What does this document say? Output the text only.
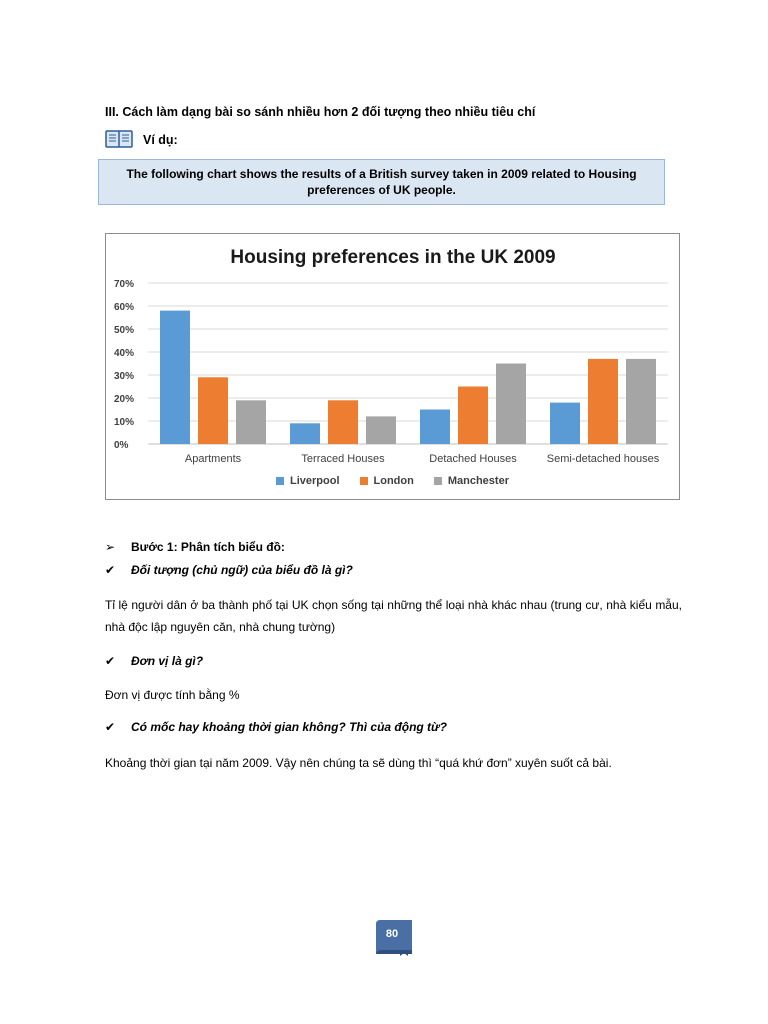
III. Cách làm dạng bài so sánh nhiều hơn 2 đối tượng theo nhiều tiêu chí
Ví dụ:
The following chart shows the results of a British survey taken in 2009 related to Housing preferences of UK people.
Housing preferences in the UK 2009
0%
10%
20%
30%
40%
50%
60%
70%
Apartments	Terraced Houses	Detached Houses	Semi-detached houses
Liverpool	London	Manchester
➢ Bước 1: Phân tích biểu đồ:
✔	Đối tượng (chủ ngữ) của biểu đồ là gì?
Tỉ lệ người dân ở ba thành phố tại UK chọn sống tại những thể loại nhà khác nhau (trung cư, nhà kiểu mẫu, nhà độc lập nguyên căn, nhà chung tường)
✔	Đơn vị là gì?
Đơn vị được tính bằng %
✔	Có mốc hay khoảng thời gian không? Thì của động từ?
Khoảng thời gian tại năm 2009. Vậy nên chúng ta sẽ dùng thì “quá khứ đơn” xuyên suốt cả bài.
80
